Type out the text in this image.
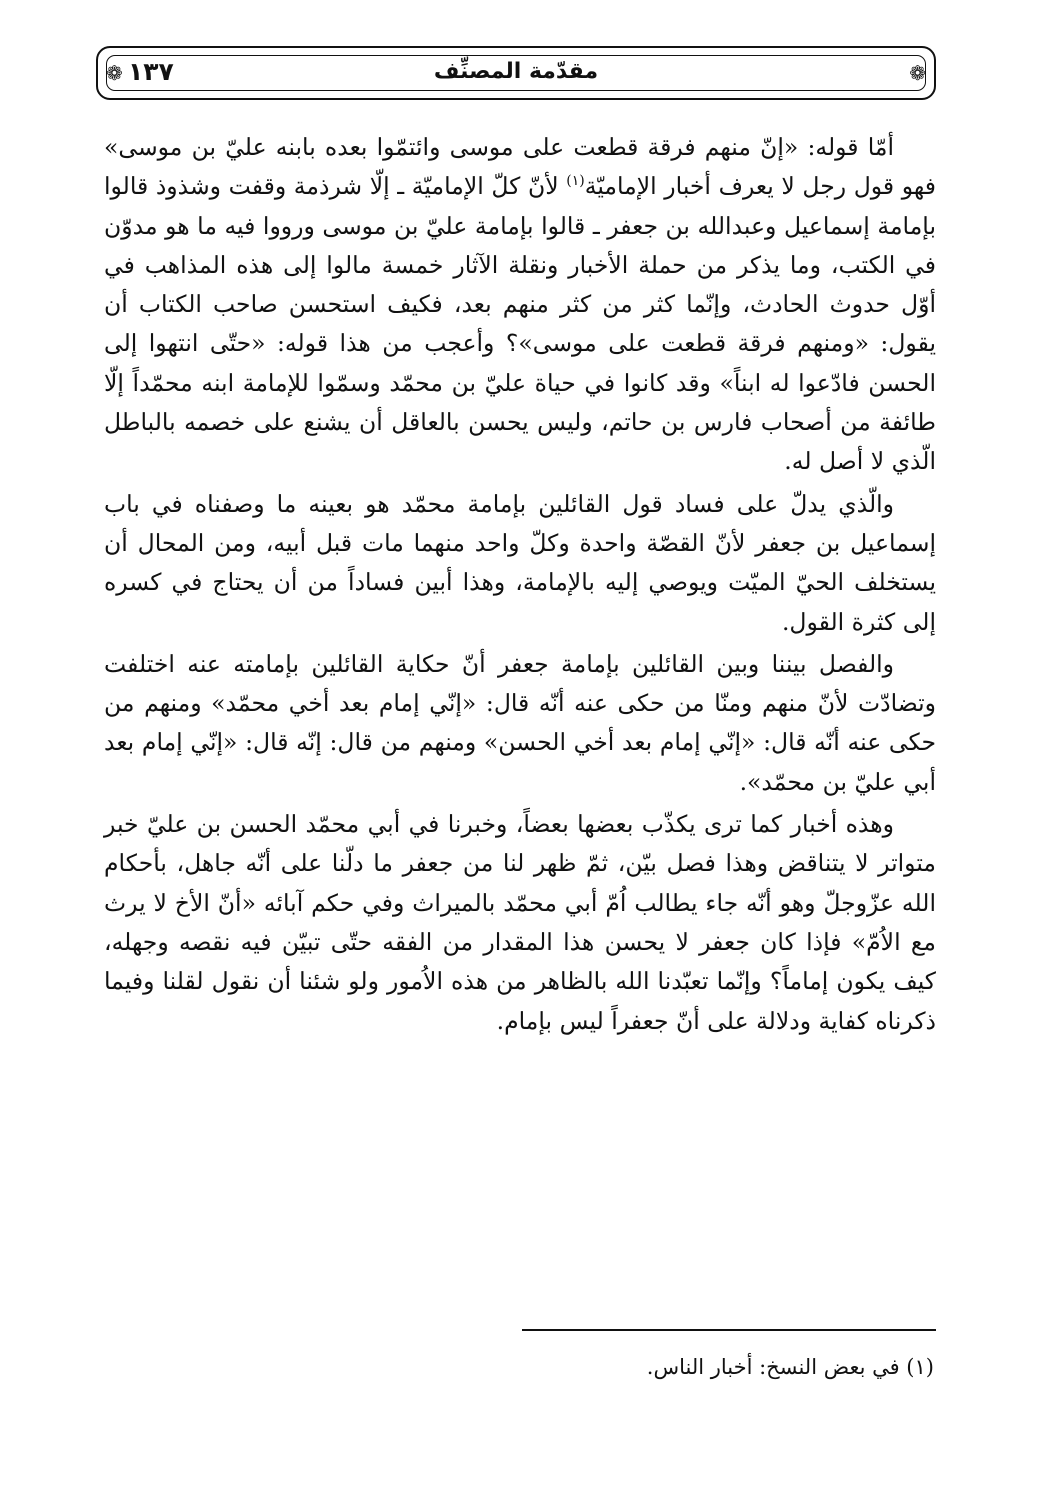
❁
مقدّمة المصنِّف
١٣٧
❁

أمّا قوله: «إنّ منهم فرقة قطعت على موسى وائتمّوا بعده بابنه عليّ بن موسى» فهو قول رجل لا يعرف أخبار الإماميّة$^{(١)}$ لأنّ كلّ الإماميّة ـ إلّا شرذمة وقفت وشذوذ قالوا بإمامة إسماعيل وعبدالله بن جعفر ـ قالوا بإمامة عليّ بن موسى ورووا فيه ما هو مدوّن في الكتب، وما يذكر من حملة الأخبار ونقلة الآثار خمسة مالوا إلى هذه المذاهب في أوّل حدوث الحادث، وإنّما كثر من كثر منهم بعد، فكيف استحسن صاحب الكتاب أن يقول: «ومنهم فرقة قطعت على موسى»؟ وأعجب من هذا قوله: «حتّى انتهوا إلى الحسن فادّعوا له ابناً» وقد كانوا في حياة عليّ بن محمّد وسمّوا للإمامة ابنه محمّداً إلّا طائفة من أصحاب فارس بن حاتم، وليس يحسن بالعاقل أن يشنع على خصمه بالباطل الّذي لا أصل له.

والّذي يدلّ على فساد قول القائلين بإمامة محمّد هو بعينه ما وصفناه في باب إسماعيل بن جعفر لأنّ القصّة واحدة وكلّ واحد منهما مات قبل أبيه، ومن المحال أن يستخلف الحيّ الميّت ويوصي إليه بالإمامة، وهذا أبين فساداً من أن يحتاج في كسره إلى كثرة القول.

والفصل بيننا وبين القائلين بإمامة جعفر أنّ حكاية القائلين بإمامته عنه اختلفت وتضادّت لأنّ منهم ومنّا من حكى عنه أنّه قال: «إنّي إمام بعد أخي محمّد» ومنهم من حكى عنه أنّه قال: «إنّي إمام بعد أخي الحسن» ومنهم من قال: إنّه قال: «إنّي إمام بعد أبي عليّ بن محمّد».

وهذه أخبار كما ترى يكذّب بعضها بعضاً، وخبرنا في أبي محمّد الحسن بن عليّ خبر متواتر لا يتناقض وهذا فصل بيّن، ثمّ ظهر لنا من جعفر ما دلّنا على أنّه جاهل، بأحكام الله عزّوجلّ وهو أنّه جاء يطالب اُمّ أبي محمّد بالميراث وفي حكم آبائه «أنّ الأخ لا يرث مع الاُمّ» فإذا كان جعفر لا يحسن هذا المقدار من الفقه حتّى تبيّن فيه نقصه وجهله، كيف يكون إماماً؟ وإنّما تعبّدنا الله بالظاهر من هذه الاُمور ولو شئنا أن نقول لقلنا وفيما ذكرناه كفاية ودلالة على أنّ جعفراً ليس بإمام.

(١) في بعض النسخ: أخبار الناس.
